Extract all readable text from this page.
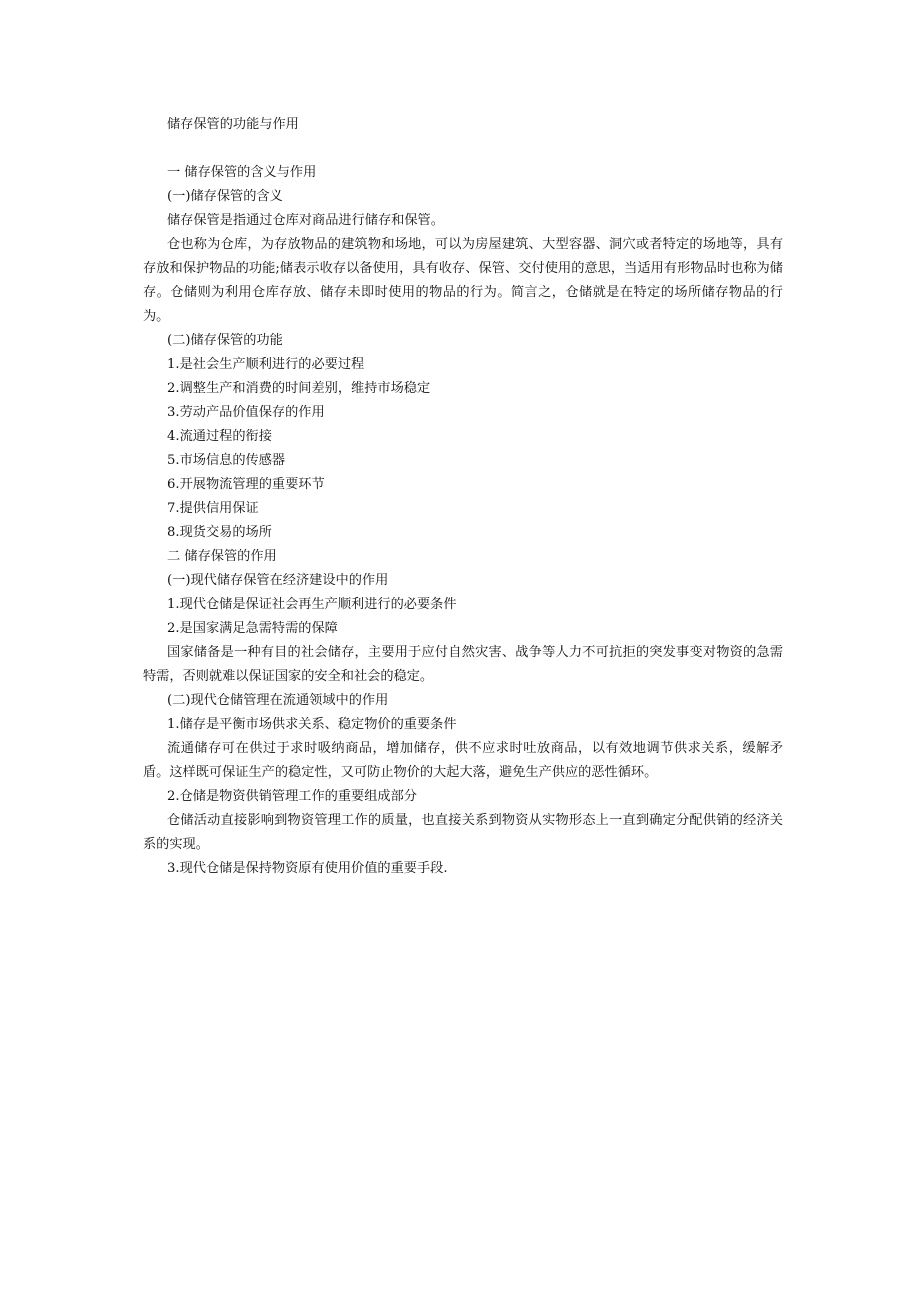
储存保管的功能与作用

一 储存保管的含义与作用

(一)储存保管的含义

储存保管是指通过仓库对商品进行储存和保管。

仓也称为仓库，为存放物品的建筑物和场地，可以为房屋建筑、大型容器、洞穴或者特定的场地等，具有存放和保护物品的功能;储表示收存以备使用，具有收存、保管、交付使用的意思，当适用有形物品时也称为储存。仓储则为利用仓库存放、储存未即时使用的物品的行为。简言之，仓储就是在特定的场所储存物品的行为。

(二)储存保管的功能

1.是社会生产顺利进行的必要过程

2.调整生产和消费的时间差别，维持市场稳定

3.劳动产品价值保存的作用

4.流通过程的衔接

5.市场信息的传感器

6.开展物流管理的重要环节

7.提供信用保证

8.现货交易的场所

二 储存保管的作用

(一)现代储存保管在经济建设中的作用

1.现代仓储是保证社会再生产顺利进行的必要条件

2.是国家满足急需特需的保障

国家储备是一种有目的社会储存，主要用于应付自然灾害、战争等人力不可抗拒的突发事变对物资的急需特需，否则就难以保证国家的安全和社会的稳定。

(二)现代仓储管理在流通领域中的作用

1.储存是平衡市场供求关系、稳定物价的重要条件

流通储存可在供过于求时吸纳商品，增加储存，供不应求时吐放商品，以有效地调节供求关系，缓解矛盾。这样既可保证生产的稳定性，又可防止物价的大起大落，避免生产供应的恶性循环。

2.仓储是物资供销管理工作的重要组成部分

仓储活动直接影响到物资管理工作的质量，也直接关系到物资从实物形态上一直到确定分配供销的经济关系的实现。

3.现代仓储是保持物资原有使用价值的重要手段.
